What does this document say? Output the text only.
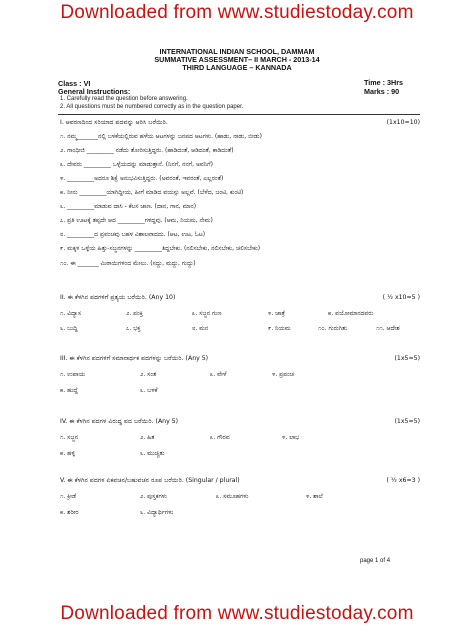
Downloaded from www.studiestoday.com
INTERNATIONAL INDIAN SCHOOL, DAMMAM
SUMMATIVE ASSESSMENT– II MARCH - 2013-14
THIRD LANGUAGE – KANNADA
Class : VI	Time : 3Hrs
General Instructions:	Marks : 90
1. Carefully read the question before answering.
2. All questions must be numbered correctly as in the question paper.
I. ಆವರಣದಿಂದ ಸರಿಯಾದ ಪದವನ್ನು ಆರಿಸಿ ಬರೆಯಿರಿ.	(1x10=10)
೧. ನಮ್ಮ_______ನಲ್ಲಿ ಬಳಕೆಯಲ್ಲಿರುವ ಹಳೆಯ ಆಟಗಳನ್ನು ಜನಪದ ಆಟಗಳು. (ಹಾಡು, ನಾಡು, ಬೀಡು)
೨. ಗಾಂಧೀಜಿ _________ ನಡೆದು ತೋರಿಸುತ್ತಿದ್ದರು. (ಹಾಡಿದಂತೆ, ಆಡಿದಂತೆ, ಕಾಡಿದಂತೆ)
೩. ದೇವರು _________ ಒಳ್ಳೆಯದನ್ನು ಮಾಡುತ್ತಾನೆ. (ನಿನಗೆ, ನನಗೆ, ಅವನಿಗೆ)
೪. _________ಅದರೂ ಶಿಕ್ಷೆ ಅನುಭವಿಸುತ್ತಿದ್ದರು. (ಅವರಂತೆ, ಇವರಂತೆ, ಎಲ್ಲರಂತೆ)
೫. ನೀನು _________ಯಾಗಿದ್ದೀಯ, ಹೀಗೆ ಮಾಡಿದ ವಯಸ್ಸು ಅಲ್ಲವೆ. (ಬೆಳೆದ, ಜಂಟಿ, ಕುಂಟಿ)
೬. _________ಮಾಡುವ ದಾಸಿ - ಕೆಲಸ ಜಾಣ. (ದಾನ, ಗಾನ, ಮಾನ)
೭. ಪ್ರತಿ ಊಟಕ್ಕೆ ತಪ್ಪದೇ ಆದ _________ಗಳಿದ್ದವು. (ಆಮ, ನಿಯಮ, ನೇಮ)
೮. _________ದ ಪ್ರವಂಚವು ಬಹಳ ವಿಶಾಲವಾದದು. (ಆಟ, ಉಟ, ಓಟ)
೯. ಮಕ್ಕಳ ಒಳ್ಳೆಯ ಹಿತ್ತು-ಸಜ್ಜನಗಳನ್ನು _________ತಿದ್ದಬೇಕು. (ನಲಿಸಬೇಕು, ನಲಿಸಬೇಕು, ಚಲಿಸಬೇಕು)
೧೦. ಈ _______ ಮಿಠಾಯಿಗಳಿಂದ ಮೇಲು. (ಸದ್ದು, ಮದ್ದು, ಗುದ್ದು)
II. ಈ ಕೆಳಗಿನ ಪದಗಳಿಗೆ ಪ್ರತ್ಯಯ ಬರೆಯಿರಿ. (Any 10)	( ½ x10=5 )
೧. ವಿದ್ಯಾಸ	೨. ಪಂಕ್ತಿ	೩. ಸಜ್ಜನ ಗುಣ	೪. ಜಾತ್ರೆ	೫. ವಯೋಮಾನದವರು
೬. ಬುದ್ಧಿ	೭. ಭಕ್ತ	೮. ಮನ	೯. ನಿಯಮ	೧೦. ಗುರುಗಿತು	೧೧. ಆದೇಶ
III. ಈ ಕೆಳಗಿನ ಪದಗಳಿಗೆ ಸಮಾನಾರ್ಥಕ ಪದಗಳನ್ನು ಬರೆಯಿರಿ. (Any 5)	(1x5=5)
೧. ಉಪಾಯ	೨. ಸಂತ	೩. ವೇಳೆ	೪. ಪ್ರಪಂಚ
೫. ಹುದ್ದೆ	೬. ಬಳಕೆ
IV. ಈ ಕೆಳಗಿನ ಪದಗಳ ವಿರುದ್ಧ ಪದ ಬರೆಯಿರಿ. (Any 5)	(1x5=5)
೧. ಸಜ್ಜನ	೨. ಹಿತ	೩. ಗೌರವ	೪. ಲಾಭ
೫. ಹಳ್ಳಿ	೬. ಮುಚ್ಚಿತು
V. ಈ ಕೆಳಗಿನ ಪದಗಳ ಏಕವಚನ/ಬಹುವಚನ ರೂಪ ಬರೆಯಿರಿ. (Singular / plural)	( ½ x6=3 )
೧. ಕ್ರೀಡೆ	೨. ಪುಸ್ತಕಗಳು	೩. ಸಮೂಹಗಳು	೪. ಶಾಲೆ
೫. ಶರೀರ	೬. ವಿದ್ಯಾರ್ಥಿಗಳು
page 1 of 4
Downloaded from www.studiestoday.com
